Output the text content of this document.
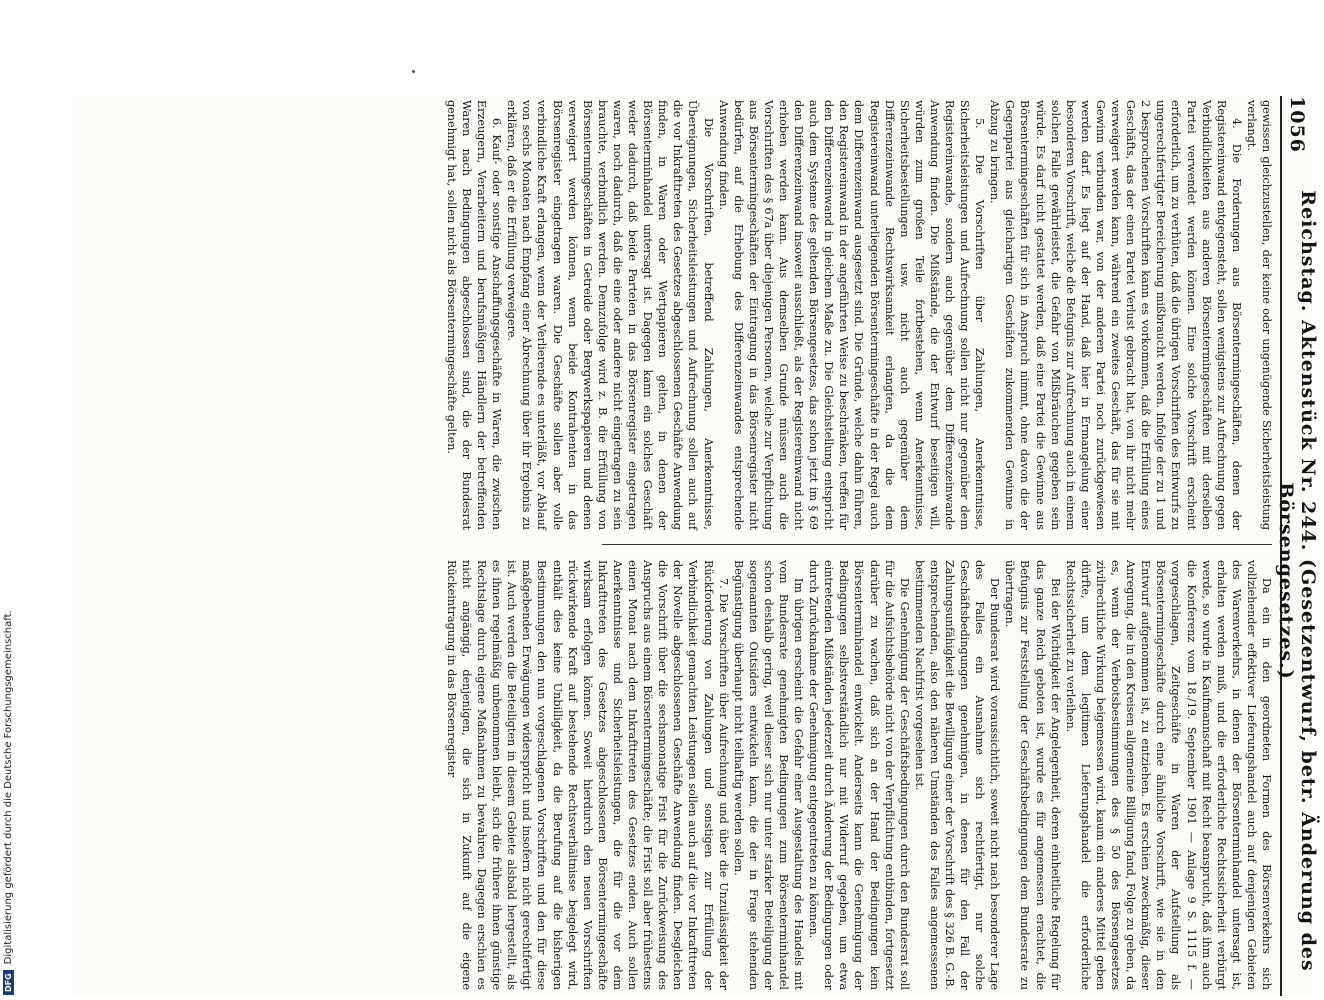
1056
Reichstag. Aktenstück Nr. 244. (Gesetzentwurf, betr. Änderung des Börsengesetzes.)

gewissen gleichzustellen, der keine oder ungenügende Sicherheitsleistung verlangt.

4. Die Forderungen aus Börsentermingeschäften, denen der Registereinwand entgegensteht, sollen wenigstens zur Aufrechnung gegen Verbindlichkeiten aus anderen Börsentermingeschäften mit derselben Partei verwendet werden können. Eine solche Vorschrift erscheint erforderlich, um zu verhüten, daß die übrigen Vorschriften des Entwurfs zu ungerechtfertigter Bereicherung mißbraucht werden. Infolge der zu 1 und 2 besprochenen Vorschriften kann es vorkommen, daß die Erfüllung eines Geschäfts, das der einen Partei Verlust gebracht hat, von ihr nicht mehr verweigert werden kann, während ein zweites Geschäft, das für sie mit Gewinn verbunden war, von der anderen Partei noch zurückgewiesen werden darf. Es liegt auf der Hand, daß hier in Ermangelung einer besonderen Vorschrift, welche die Befugnis zur Aufrechnung auch in einem solchen Falle gewährleistet, die Gefahr von Mißbräuchen gegeben sein würde. Es darf nicht gestattet werden, daß eine Partei die Gewinne aus Börsentermingeschäften für sich in Anspruch nimmt, ohne davon die der Gegenpartei aus gleichartigen Geschäften zukommenden Gewinne in Abzug zu bringen.

5. Die Vorschriften über Zahlungen, Anerkenntnisse, Sicherheitsleistungen und Aufrechnung sollen nicht nur gegenüber dem Registereinwande, sondern auch gegenüber dem Differenzeinwande Anwendung finden. Die Mißstände, die der Entwurf beseitigen will, würden zum großen Teile fortbestehen, wenn Anerkenntnisse, Sicherheitsbestellungen usw. nicht auch gegenüber dem Differenzeinwande Rechtswirksamkeit erlangten, da die dem Registereinwand unterliegenden Börsentermingeschäfte in der Regel auch dem Differenzeinwand ausgesetzt sind. Die Gründe, welche dahin führen, den Registereinwand in der angeführten Weise zu beschränken, treffen für den Differenzeinwand in gleichem Maße zu. Die Gleichstellung entspricht auch dem Systeme des geltenden Börsengesetzes, das schon jetzt im § 69 den Differenzeinwand insoweit ausschließt, als der Registereinwand nicht erhoben werden kann. Aus demselben Grunde müssen auch die Vorschriften des § 67a über diejenigen Personen, welche zur Verpflichtung aus Börsentermingeschäften der Eintragung in das Börsenregister nicht bedürfen, auf die Erhebung des Differenzeinwandes entsprechende Anwendung finden.

Die Vorschriften, betreffend Zahlungen, Anerkenntnisse, Übereignungen, Sicherheitsleistungen und Aufrechnung sollen auch auf die vor Inkrafttreten des Gesetzes abgeschlossenen Geschäfte Anwendung finden, in Waren oder Wertpapieren gelten, in denen der Börsenterminhandel untersagt ist. Dagegen kann ein solches Geschäft weder dadurch, daß beide Parteien in das Börsenregister eingetragen waren, noch dadurch, daß die eine oder andere nicht eingetragen zu sein brauchte, verbindlich werden. Demzufolge wird z. B. die Erfüllung von Börsentermingeschäften in Getreide oder Bergwerkspapieren und denen verweigert werden können, wenn beide Kontrahenten in das Börsenregister eingetragen waren. Die Geschäfte sollen aber volle verbindliche Kraft erlangen, wenn der Verlierende es unterläßt, vor Ablauf von sechs Monaten nach Empfang einer Abrechnung über ihr Ergebnis zu erklären, daß er die Erfüllung verweigere.

6. Kauf- oder sonstige Anschaffungsgeschäfte in Waren, die zwischen Erzeugern, Verarbeitern und berufsmäßigen Händlern der betreffenden Waren nach Bedingungen abgeschlossen sind, die der Bundesrat genehmigt hat, sollen nicht als Börsentermingeschäfte gelten.

Da ein in den geordneten Formen des Börsenverkehrs sich vollziehender effektiver Lieferungshandel auch auf denjenigen Gebieten des Warenverkehrs, in denen der Börsenterminhandel untersagt ist, erhalten werden muß, und die erforderliche Rechtssicherheit verbürgt werde, so wurde in Kaufmannschaft mit Recht beansprucht, daß ihm auch die Konferenz vom 18./19. September 1901 — Anlage 9 S. 1115 f. — vorgeschlagen, Zeitgeschäfte in Waren der Aufstellung als Börsentermingeschäfte durch eine ähnliche Vorschrift, wie sie in den Entwurf aufgenommen ist, zu entziehen. Es erschien zweckmäßig, dieser Anregung, die in den Kreisen allgemeine Billigung fand, Folge zu geben, da es, wenn der Verbotsbestimmungen des § 50 des Börsengesetzes zivilrechtliche Wirkung beigemessen wird, kaum ein anderes Mittel geben dürfte, um dem legitimen Lieferungshandel die erforderliche Rechtssicherheit zu verleihen.

Bei der Wichtigkeit der Angelegenheit, deren einheitliche Regelung für das ganze Reich geboten ist, wurde es für angemessen erachtet, die Befugnis zur Feststellung der Geschäftsbedingungen dem Bundesrate zu übertragen.

Der Bundesrat wird voraussichtlich, soweit nicht nach besonderer Lage des Falles ein Ausnahme sich rechtfertigt, nur solche Geschäftsbedingungen genehmigen, in denen für den Fall der Zahlungsunfähigkeit die Bewilligung einer der Vorschrift des § 326 B. G.-B. entsprechenden, also den näheren Umständen des Falles angemessenen bestimmenden Nachfrist vorgesehen ist.

Die Genehmigung der Geschäftsbedingungen durch den Bundesrat soll für die Aufsichtsbehörde nicht von der Verpflichtung entbinden, fortgesetzt darüber zu wachen, daß sich an der Hand der Bedingungen kein Börsenterminhandel entwickelt. Anderseits kann die Genehmigung der Bedingungen selbstverständlich nur mit Widerruf gegeben, um etwa eintretenden Mißständen jederzeit durch Änderung der Bedingungen oder durch Zurücknahme der Genehmigung entgegentreten zu können.

Im übrigen erscheint die Gefahr einer Ausgestaltung des Handels mit vom Bundesrate genehmigten Bedingungen zum Börsenterminhandel schon deshalb gering, weil dieser sich nur unter starker Beteiligung der sogenannten Outsiders entwickeln kann, die der in Frage stehenden Begünstigung überhaupt nicht teilhaftig werden sollen.

7. Die Vorschriften über Aufrechnung und über die Unzulässigkeit der Rückforderung von Zahlungen und sonstigen zur Erfüllung der Verbindlichkeit gemachten Leistungen sollen auch auf die vor Inkrafttreten der Novelle abgeschlossenen Geschäfte Anwendung finden. Desgleichen die Vorschrift über die sechsmonatige Frist für die Zurückweisung des Anspruchs aus einem Börsentermingeschäfte; die Frist soll aber frühestens einen Monat nach dem Inkrafttreten des Gesetzes enden. Auch sollen Anerkenntnisse und Sicherheitsleistungen, die für die vor dem Inkrafttreten des Gesetzes abgeschlossenen Börsentermingeschäfte wirksam erfolgen können. Soweit hierdurch den neuen Vorschriften rückwirkende Kraft auf bestehende Rechtsverhältnisse beigelegt wird, enthält dies keine Unbilligkeit, da die Berufung auf die bisherigen Bestimmungen den nun vorgeschlagenen Vorschriften und den für diese maßgebenden Erwägungen widerspricht und insofern nicht gerechtfertigt ist. Auch werden die Beteiligten in diesem Gebiete alsbald hergestellt, als es ihnen regelmäßig unbenommen bleibt, sich die frühere ihnen günstige Rechtslage durch eigene Maßnahmen zu bewahren. Dagegen erschien es nicht angängig, denjenigen, die sich in Zukunft auf die eigene Rückeintragung in das Börsenregister

DFG
Digitalisierung gefördert durch die Deutsche Forschungsgemeinschaft.
